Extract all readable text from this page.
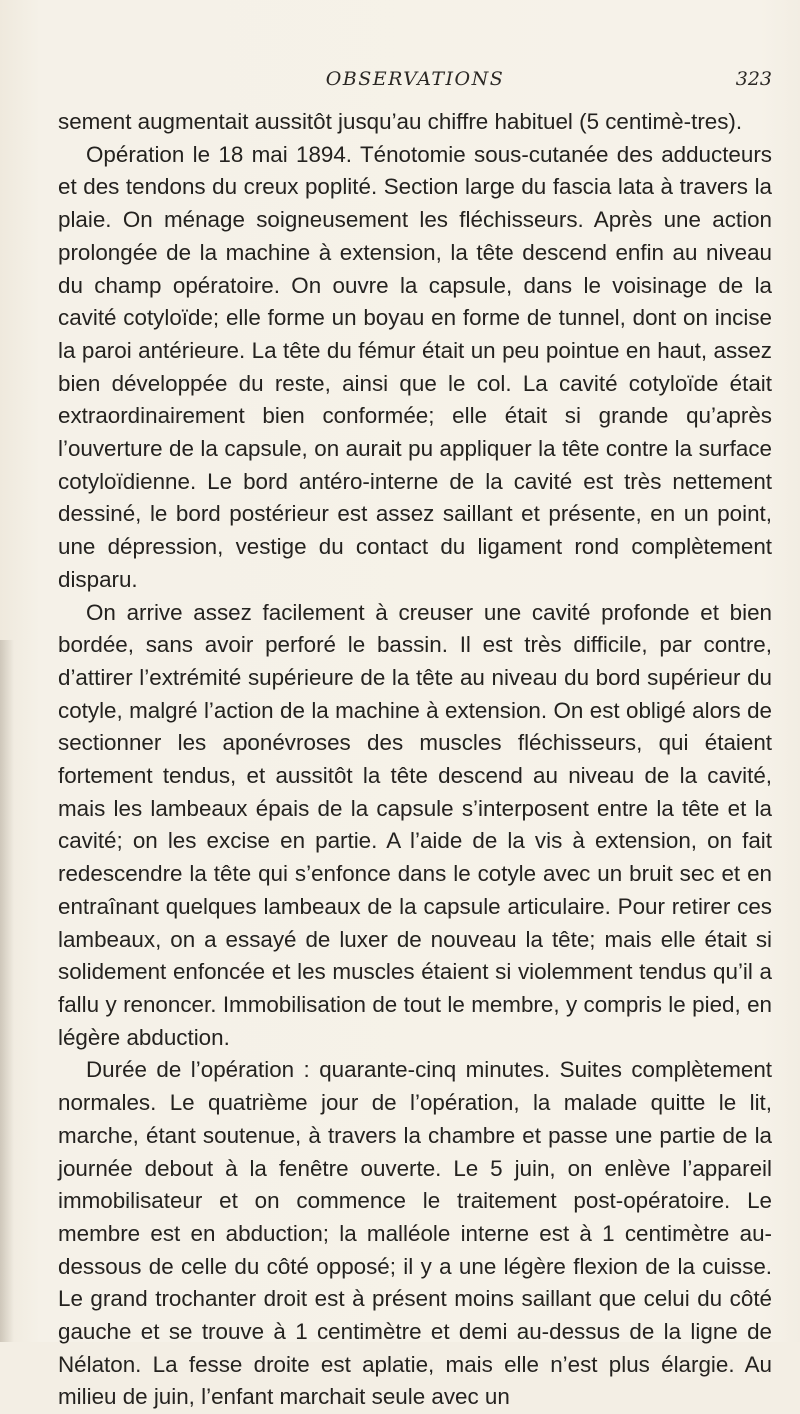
OBSERVATIONS	323

sement augmentait aussitôt jusqu’au chiffre habituel (5 centimè-tres).

Opération le 18 mai 1894. Ténotomie sous-cutanée des adducteurs et des tendons du creux poplité. Section large du fascia lata à travers la plaie. On ménage soigneusement les fléchisseurs. Après une action prolongée de la machine à extension, la tête descend enfin au niveau du champ opératoire. On ouvre la capsule, dans le voisinage de la cavité cotyloïde; elle forme un boyau en forme de tunnel, dont on incise la paroi antérieure. La tête du fémur était un peu pointue en haut, assez bien développée du reste, ainsi que le col. La cavité cotyloïde était extraordinairement bien conformée; elle était si grande qu’après l’ouverture de la capsule, on aurait pu appliquer la tête contre la surface cotyloïdienne. Le bord antéro-interne de la cavité est très nettement dessiné, le bord postérieur est assez saillant et présente, en un point, une dépression, vestige du contact du ligament rond complètement disparu.

On arrive assez facilement à creuser une cavité profonde et bien bordée, sans avoir perforé le bassin. Il est très difficile, par contre, d’attirer l’extrémité supérieure de la tête au niveau du bord supérieur du cotyle, malgré l’action de la machine à extension. On est obligé alors de sectionner les aponévroses des muscles fléchisseurs, qui étaient fortement tendus, et aussitôt la tête descend au niveau de la cavité, mais les lambeaux épais de la capsule s’interposent entre la tête et la cavité; on les excise en partie. A l’aide de la vis à extension, on fait redescendre la tête qui s’enfonce dans le cotyle avec un bruit sec et en entraînant quelques lambeaux de la capsule articulaire. Pour retirer ces lambeaux, on a essayé de luxer de nouveau la tête; mais elle était si solidement enfoncée et les muscles étaient si violemment tendus qu’il a fallu y renoncer. Immobilisation de tout le membre, y compris le pied, en légère abduction.

Durée de l’opération : quarante-cinq minutes. Suites complètement normales. Le quatrième jour de l’opération, la malade quitte le lit, marche, étant soutenue, à travers la chambre et passe une partie de la journée debout à la fenêtre ouverte. Le 5 juin, on enlève l’appareil immobilisateur et on commence le traitement post-opératoire. Le membre est en abduction; la malléole interne est à 1 centimètre au-dessous de celle du côté opposé; il y a une légère flexion de la cuisse. Le grand trochanter droit est à présent moins saillant que celui du côté gauche et se trouve à 1 centimètre et demi au-dessus de la ligne de Nélaton. La fesse droite est aplatie, mais elle n’est plus élargie. Au milieu de juin, l’enfant marchait seule avec un
